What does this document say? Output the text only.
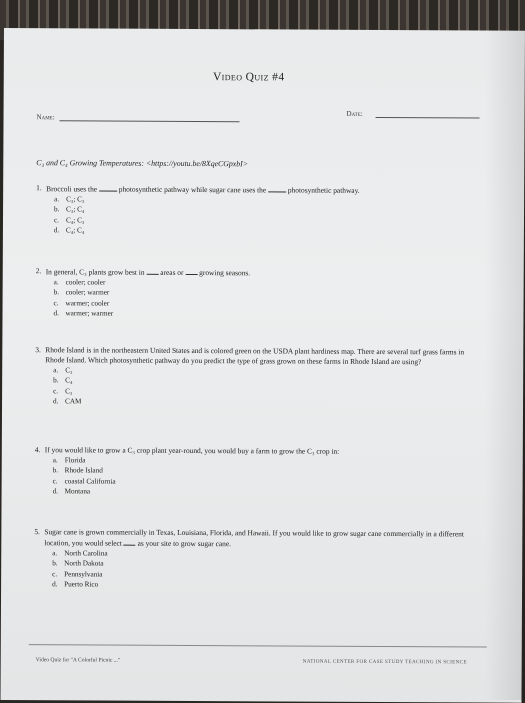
Video Quiz #4
Name:	Date:
C₃ and C₄ Growing Temperatures: <https://youtu.be/8XqeCGpxbI>
1. Broccoli uses the	photosynthetic pathway while sugar cane uses the	photosynthetic pathway.
a. C₃; C₃
b. C₃; C₄
c. C₄; C₃
d. C₄; C₄
2. In general, C₃ plants grow best in areas or growing seasons.
a. cooler; cooler
b. cooler; warmer
c. warmer; cooler
d. warmer; warmer
3. Rhode Island is in the northeastern United States and is colored green on the USDA plant hardiness map. There are several turf grass farms in Rhode Island. Which photosynthetic pathway do you predict the type of grass grown on these farms in Rhode Island are using?
a. C₃
b. C₄
c. C₃
d. CAM
4. If you would like to grow a C₃ crop plant year-round, you would buy a farm to grow the C₃ crop in:
a. Florida
b. Rhode Island
c. coastal California
d. Montana
5. Sugar cane is grown commercially in Texas, Louisiana, Florida, and Hawaii. If you would like to grow sugar cane commercially in a different location, you would select as your site to grow sugar cane.
a. North Carolina
b. North Dakota
c. Pennsylvania
d. Puerto Rico
Video Quiz for "A Colorful Picnic ..."	NATIONAL CENTER FOR CASE STUDY TEACHING IN SCIENCE
